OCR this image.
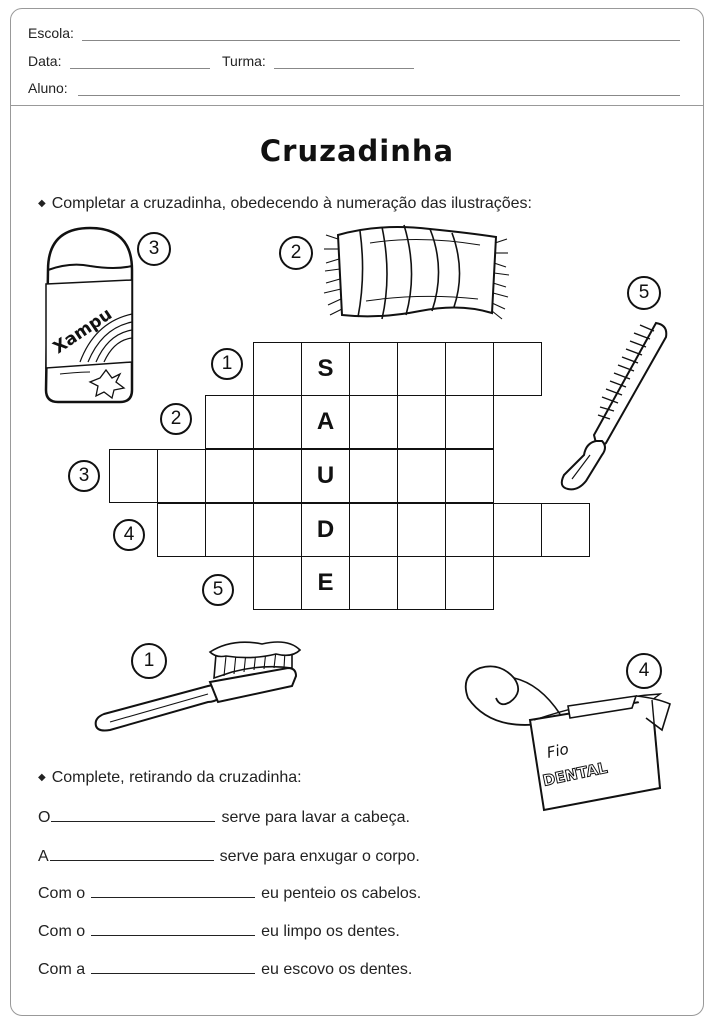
Escola:
Data:	Turma:
Aluno:
Cruzadinha
◆ Completar a cruzadinha, obedecendo à numeração das ilustrações:
S
A
U
D
E
1
2
3
4
5
Xampu
3	2
5
1
Fio
DENTAL
4
◆ Complete, retirando da cruzadinha:
O	serve para lavar a cabeça.
A	serve para enxugar o corpo.
Com o	eu penteio os cabelos.
Com o	eu limpo os dentes.
Com a	eu escovo os dentes.
